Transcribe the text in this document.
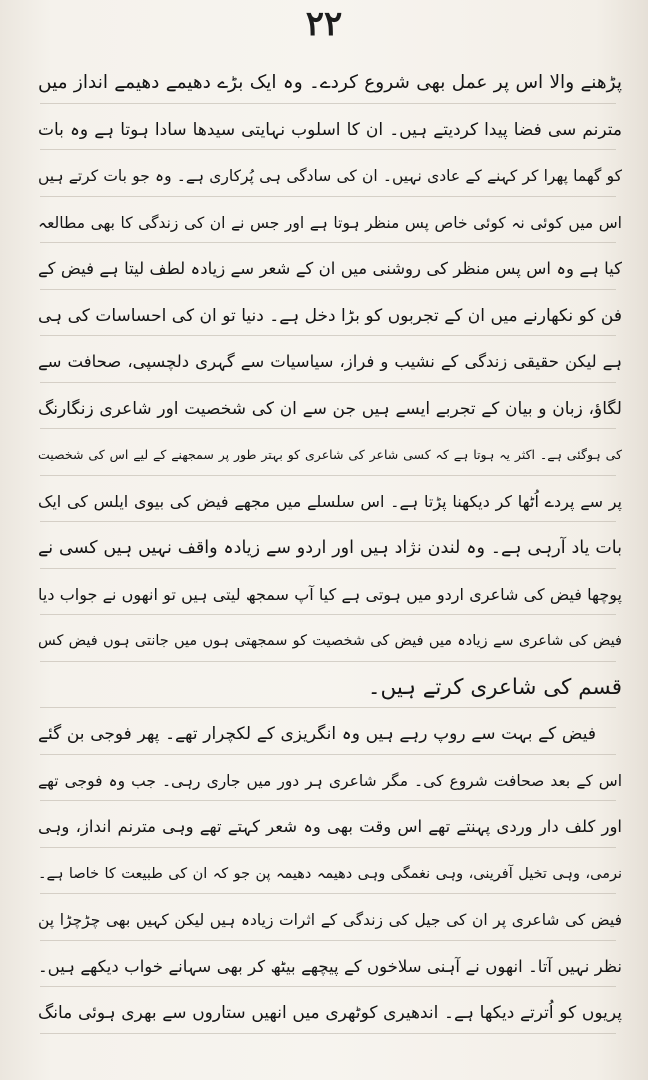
۲۲
پڑھنے والا اس پر عمل بھی شروع کردے۔ وہ ایک بڑے دھیمے دھیمے انداز میں
مترنم سی فضا پیدا کردیتے ہیں۔ ان کا اسلوب نہایتی سیدھا سادا ہوتا ہے وہ بات
کو گھما پھرا کر کہنے کے عادی نہیں۔ ان کی سادگی ہی پُرکاری ہے۔ وہ جو بات کرتے ہیں
اس میں کوئی نہ کوئی خاص پس منظر ہوتا ہے اور جس نے ان کی زندگی کا بھی مطالعہ
کیا ہے وہ اس پس منظر کی روشنی میں ان کے شعر سے زیادہ لطف لیتا ہے فیض کے
فن کو نکھارنے میں ان کے تجربوں کو بڑا دخل ہے۔ دنیا تو ان کی احساسات کی ہی
ہے لیکن حقیقی زندگی کے نشیب و فراز، سیاسیات سے گہری دلچسپی، صحافت سے
لگاؤ، زبان و بیان کے تجربے ایسے ہیں جن سے ان کی شخصیت اور شاعری زنگارنگ
کی ہوگئی ہے۔ اکثر یہ ہوتا ہے کہ کسی شاعر کی شاعری کو بہتر طور پر سمجھنے کے لیے اس کی شخصیت
پر سے پردے اُٹھا کر دیکھنا پڑتا ہے۔ اس سلسلے میں مجھے فیض کی بیوی ایلس کی ایک
بات یاد آرہی ہے۔ وہ لندن نژاد ہیں اور اردو سے زیادہ واقف نہیں ہیں کسی نے
پوچھا فیض کی شاعری اردو میں ہوتی ہے کیا آپ سمجھ لیتی ہیں تو انھوں نے جواب دیا
فیض کی شاعری سے زیادہ میں فیض کی شخصیت کو سمجھتی ہوں میں جانتی ہوں فیض کس
قسم کی شاعری کرتے ہیں۔
فیض کے بہت سے روپ رہے ہیں وہ انگریزی کے لکچرار تھے۔ پھر فوجی بن گئے
اس کے بعد صحافت شروع کی۔ مگر شاعری ہر دور میں جاری رہی۔ جب وہ فوجی تھے
اور کلف دار وردی پہنتے تھے اس وقت بھی وہ شعر کہتے تھے وہی مترنم انداز، وہی
نرمی، وہی تخیل آفرینی، وہی نغمگی وہی دھیمہ دھیمہ پن جو کہ ان کی طبیعت کا خاصا ہے۔
فیض کی شاعری پر ان کی جیل کی زندگی کے اثرات زیادہ ہیں لیکن کہیں بھی چڑچڑا پن
نظر نہیں آتا۔ انھوں نے آہنی سلاخوں کے پیچھے بیٹھ کر بھی سہانے خواب دیکھے ہیں۔
پریوں کو اُترتے دیکھا ہے۔ اندھیری کوٹھری میں انھیں ستاروں سے بھری ہوئی مانگ
